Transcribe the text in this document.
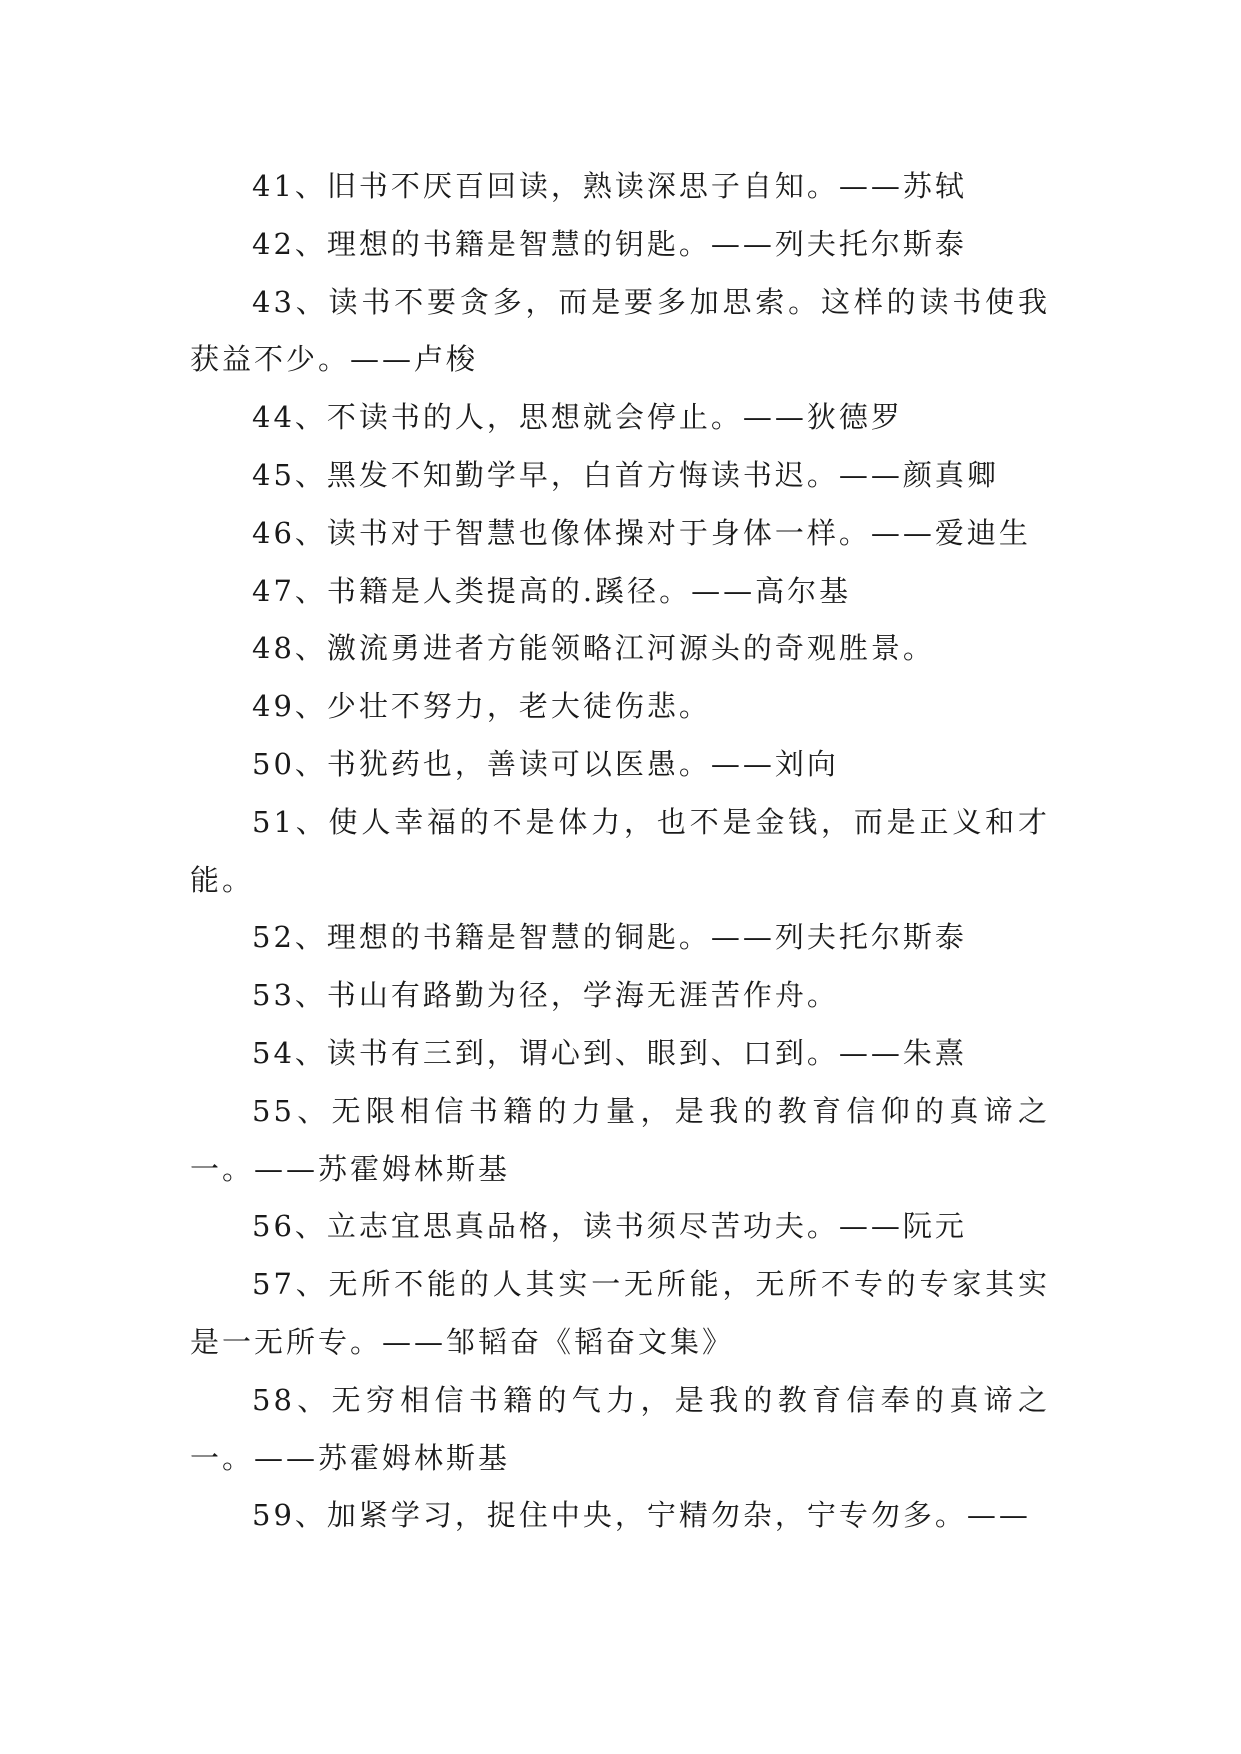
41、旧书不厌百回读，熟读深思子自知。——苏轼

42、理想的书籍是智慧的钥匙。——列夫托尔斯泰

43、读书不要贪多，而是要多加思索。这样的读书使我获益不少。——卢梭

44、不读书的人，思想就会停止。——狄德罗

45、黑发不知勤学早，白首方悔读书迟。——颜真卿

46、读书对于智慧也像体操对于身体一样。——爱迪生

47、书籍是人类提高的.蹊径。——高尔基

48、激流勇进者方能领略江河源头的奇观胜景。

49、少壮不努力，老大徒伤悲。

50、书犹药也，善读可以医愚。——刘向

51、使人幸福的不是体力，也不是金钱，而是正义和才能。

52、理想的书籍是智慧的铜匙。——列夫托尔斯泰

53、书山有路勤为径，学海无涯苦作舟。

54、读书有三到，谓心到、眼到、口到。——朱熹

55、无限相信书籍的力量，是我的教育信仰的真谛之一。——苏霍姆林斯基

56、立志宜思真品格，读书须尽苦功夫。——阮元

57、无所不能的人其实一无所能，无所不专的专家其实是一无所专。——邹韬奋《韬奋文集》

58、无穷相信书籍的气力，是我的教育信奉的真谛之一。——苏霍姆林斯基

59、加紧学习，捉住中央，宁精勿杂，宁专勿多。——
